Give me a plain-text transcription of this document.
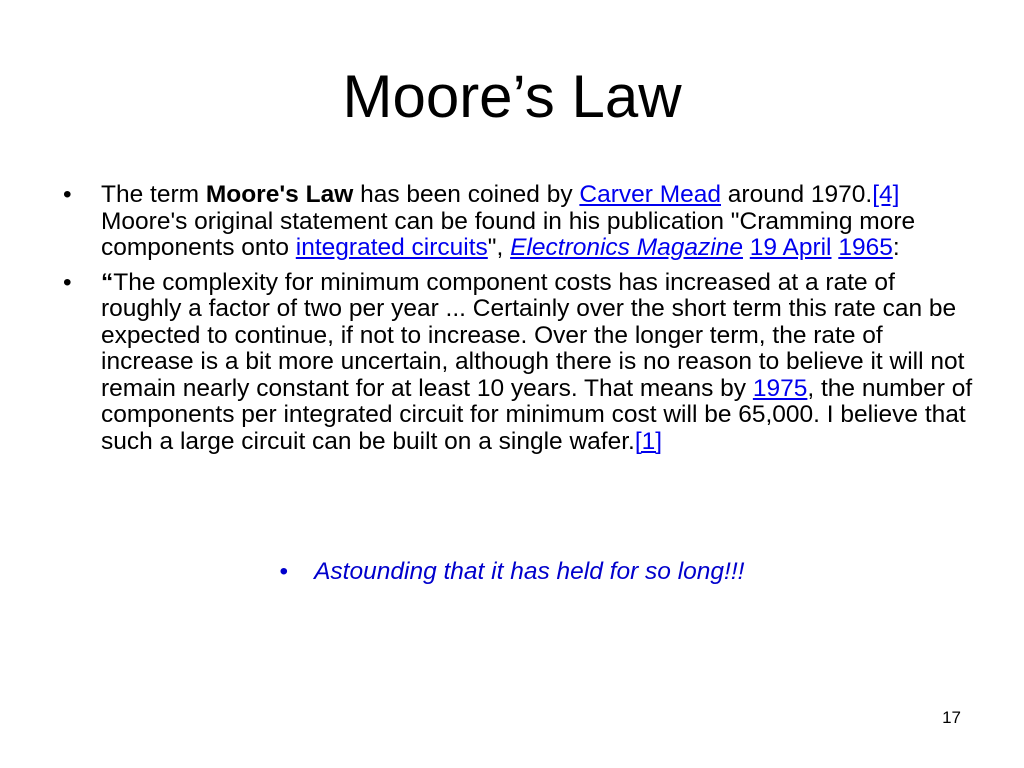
Moore’s Law
• The term Moore's Law has been coined by Carver Mead around 1970.[4] Moore's original statement can be found in his publication "Cramming more components onto integrated circuits", Electronics Magazine 19 April 1965:
• “The complexity for minimum component costs has increased at a rate of roughly a factor of two per year ... Certainly over the short term this rate can be expected to continue, if not to increase. Over the longer term, the rate of increase is a bit more uncertain, although there is no reason to believe it will not remain nearly constant for at least 10 years. That means by 1975, the number of components per integrated circuit for minimum cost will be 65,000. I believe that such a large circuit can be built on a single wafer.[1]
• Astounding that it has held for so long!!!
17
